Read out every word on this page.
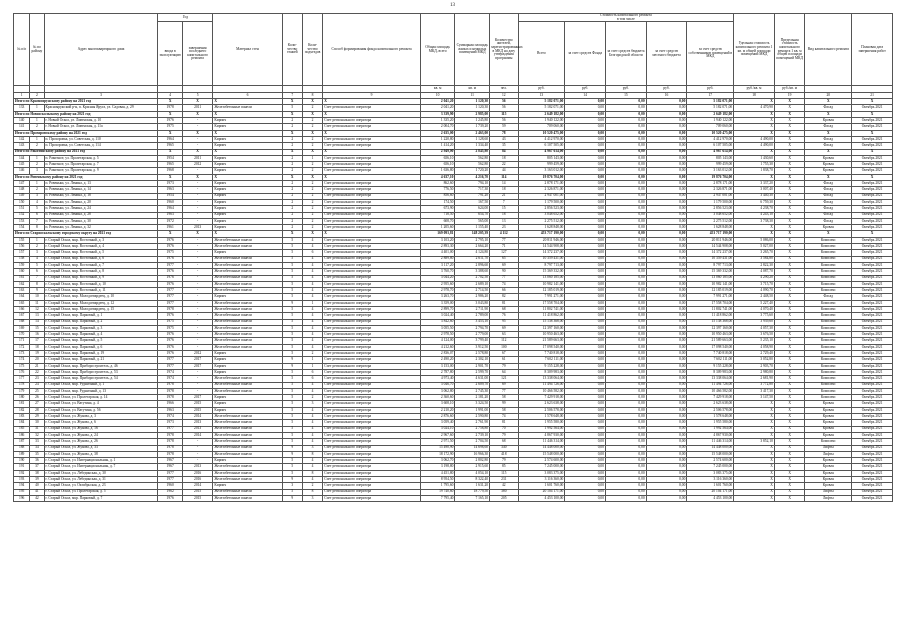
13
№ п/п	№ по району	Адрес многоквартирного дома	Год		Материал стен	Коли-чество этажей	Коли-чество подъездов	Способ формирования фонда капитального ремонта	Общая площадь МКД, всего	Суммарная площадь жилых и нежилых помещений МКД	Количество жителей, зарегистрированных в МКД на дату утверждения программы	Стоимость капитального ремонта
в том числе					Удельная стоимость капитального ремонта 1 кв. м общей площади помещений МКД	Предельная стоимость капитального ремонта 1 кв. м общей площади помещений МКД	Вид капитального ремонта	Плановая дата завершения работ
			ввода в эксплуатацию	завершения последнего капитального ремонта								Всего	за счет средств Фонда	за счет средств бюджета Белгородской области	за счет средств местного бюджета	за счет средств собственников помещений в МКД				
									кв. м	кв. м	чел.	руб.	руб.	руб.	руб.	руб.	руб./кв. м	руб./кв. м		
1	2	3	4	5	6	7	8	9	10	11	12	13	14	15	16	17	18	19	20	21
Итого по Краснояружскому району на 2021 год			X	X	X	X	X	X	2 041,20	1 120,30	56	5 182 071,00	0,00	0,00	0,00	5 182 071,00	X	X	X	X
133	1	Краснояружский р-н, п. Красная Яруга, ул. Садовая, д. 29	1978	2011	Железобетонные панели	5	2	Счет регионального оператора	2 041,20	1 120,30	56	5 182 071,00	0,00	0,00	0,00	5 182 071,00	4 470,90	X	Фасад	Октябрь 2021
Итого по Новооскольскому району на 2021 год			X	X	X	X	X	X	3 339,90	2 985,00	115	2 649 182,00	0,00	0,00	0,00	2 649 182,00	X	X	X	X
140	1	г. Новый Оскол, ул. Ливенская, д. 10	1976	-	Кирпич	2	2	Счет регионального оператора	1 335,20	1 245,80	56	1 940 122,00	0,00	0,00	0,00	1 940 122,00	X	X	Кровля	Октябрь 2021
141	2	г. Новый Оскол, ул. Ливенская, д. 11а	1975	-	Кирпич	2	2	Счет регионального оператора	2 004,70	1 739,20	59	709 060,00	0,00	0,00	0,00	709 060,00	X	X	Фасад	Октябрь 2021
Итого по Прохоровскому району на 2021 год			X	X	X	X	X	X	2 635,00	2 463,00	78	10 520 475,00	0,00	0,00	0,00	10 520 475,00	X	X	X	X
142	1	п. Прохоровка, ул. Советская, д. 110	1964	-	Кирпич	2	2	Счет регионального оператора	1 220,80	1 128,60	43	4 412 970,00	0,00	0,00	0,00	4 412 970,00	4 490,00	X	Фасад	Октябрь 2021
143	2	п. Прохоровка, ул. Советская, д. 114	1965	-	Кирпич	2	2	Счет регионального оператора	1 414,20	1 334,40	35	6 107 505,00	0,00	0,00	0,00	6 107 505,00	4 490,00	X	Фасад	Октябрь 2021
Итого по Ракитянскому району на 2021 год			X	X	X	X	X	X	2 949,00	2 845,80	84	4 967 614,00	0,00	0,00	0,00	4 967 614,00	X	X	X	X
144	1	п. Ракитное, ул. Пролетарская, д. 5	1954	2011	Кирпич	2	1	Счет регионального оператора	656,10	562,80	18	805 143,00	0,00	0,00	0,00	805 143,00	1 430,60	X	Кровля	Октябрь 2021
145	2	п. Ракитное, ул. Пролетарская, д. 7	1965	2012	Кирпич	2	2	Счет регионального оператора	656,10	562,80	22	999 459,00	0,00	0,00	0,00	999 459,00	1 755,30	X	Кровля	Октябрь 2021
146	3	п. Ракитное, ул. Пролетарская, д. 9	1968	-	Кирпич	2	2	Счет регионального оператора	1 636,80	1 720,20	44	3 163 012,00	0,00	0,00	0,00	3 163 012,00	1 838,70	X	Кровля	Октябрь 2021
Итого по Ровеньскому району на 2021 год			X	X	X	X	X	X	4 637,10	4 216,70	114	19 876 704,00	0,00	0,00	0,00	19 876 704,00	X	X	X	X
147	1	п. Ровеньки, ул. Ленина, д. 13	1973	-	Кирпич	2	2	Счет регионального оператора	862,60	794,10	14	2 878 171,00	0,00	0,00	0,00	2 878 171,00	3 337,20	X	Фасад	Октябрь 2021
148	2	п. Ровеньки, ул. Ленина, д. 14	1963	-	Кирпич	2	2	Счет регионального оператора	776,50	717,30	18	2 326 871,00	0,00	0,00	0,00	2 326 871,00	3 007,40	X	Фасад	Октябрь 2021
149	3	п. Ровеньки, ул. Ленина, д. 18	1954	-	Кирпич	2	2	Счет регионального оператора	856,60	791,20	21	2 947 001,00	0,00	0,00	0,00	2 947 001,00	3 440,30	X	Фасад	Октябрь 2021
150	4	п. Ровеньки, ул. Ленина, д. 20	1960	-	Кирпич	2	2	Счет регионального оператора	174,50	167,50	7	1 179 500,00	0,00	0,00	0,00	1 179 500,00	6 759,30	X	Фасад	Октябрь 2021
151	5	п. Ровеньки, ул. Ленина, д. 24	1964	-	Кирпич	2	2	Счет регионального оператора	673,90	624,00	15	2 856 523,00	0,00	0,00	0,00	2 856 523,00	4 238,70	X	Фасад	Октябрь 2021
152	6	п. Ровеньки, ул. Ленина, д. 28	1963	-	Кирпич	2	2	Счет регионального оператора	718,50	654,70	18	3 048 652,00	0,00	0,00	0,00	3 048 652,00	4 243,10	X	Фасад	Октябрь 2021
153	7	п. Ровеньки, ул. Ленина, д. 30	1972	-	Кирпич	2	2	Счет регионального оператора	608,70	565,00	13	2 275 512,00	0,00	0,00	0,00	2 275 512,00	3 738,30	X	Фасад	Октябрь 2021
154	8	п. Ровеньки, ул. Ленина, д. 32	1961	2013	Кирпич	2	2	Счет регионального оператора	1 205,60	1 155,40	23	1 628 848,00	0,00	0,00	0,00	1 628 848,00	X	X	Кровля	Октябрь 2021
Итого по Старооскольскому городскому округу на 2021 год			X	X	X	X	X	X	169 093,81	148 205,39	4 112	453 717 190,00	0,00	0,00	0,00	453 717 190,00	X	X	X	X
155	1	г. Старый Оскол, мкр. Восточный, д. 3	1976	-	Железобетонные панели	5	4	Счет регионального оператора	3 103,20	2 795,10	77	20 811 946,00	0,00	0,00	0,00	20 811 946,00	5 086,00	X	Комплекс	Октябрь 2021
156	2	г. Старый Оскол, мкр. Восточный, д. 4	1976	-	Железобетонные панели	5	4	Счет регионального оператора	2 893,30	2 664,20	71	14 544 908,00	0,00	0,00	0,00	14 544 908,00	5 027,00	X	Комплекс	Октябрь 2021
157	3	г. Старый Оскол, мкр. Восточный, д. 5	1975	-	Кирпич	5	6	Счет регионального оператора	4 401,00	4 124,80	127	14 372 237,00	0,00	0,00	0,00	14 372 237,00	3 265,70	X	Комплекс	Октябрь 2021
158	4	г. Старый Оскол, мкр. Восточный, д. 6	1976	-	Железобетонные панели	5	4	Счет регионального оператора	2 889,80	2 611,70	65	10 359 431,00	0,00	0,00	0,00	10 359 431,00	3 584,80	X	Комплекс	Октябрь 2021
159	5	г. Старый Оскол, мкр. Восточный, д. 7	1977	-	Железобетонные панели	5	4	Счет регионального оператора	3 117,20	2 896,60	69	8 797 713,00	0,00	0,00	0,00	8 797 713,00	2 822,30	X	Комплекс	Октябрь 2021
160	6	г. Старый Оскол, мкр. Восточный, д. 8	1976	-	Железобетонные панели	5	4	Счет регионального оператора	3 760,70	3 388,60	90	15 369 332,00	0,00	0,00	0,00	15 369 332,00	4 087,70	X	Комплекс	Октябрь 2021
161	7	г. Старый Оскол, мкр. Восточный, д. 9	1976	-	Железобетонные панели	5	4	Счет регионального оператора	3 044,20	2 702,50	77	13 060 185,00	0,00	0,00	0,00	13 060 185,00	4 290,20	X	Комплекс	Октябрь 2021
162	8	г. Старый Оскол, мкр. Восточный, д. 10	1976	-	Железобетонные панели	5	4	Счет регионального оператора	2 955,60	2 689,10	74	10 982 141,00	0,00	0,00	0,00	10 982 141,00	3 715,70	X	Комплекс	Октябрь 2021
163	9	г. Старый Оскол, мкр. Восточный, д. 11	1977	-	Железобетонные панели	5	4	Счет регионального оператора	2 978,70	2 714,50	66	12 185 019,00	0,00	0,00	0,00	12 185 019,00	4 090,70	X	Комплекс	Октябрь 2021
164	10	г. Старый Оскол, мкр. Молодогвардеец, д. 10	1977	-	Кирпич	5	4	Счет регионального оператора	3 263,70	2 986,20	82	7 991 271,00	0,00	0,00	0,00	7 991 271,00	2 448,50	X	Фасад	Октябрь 2021
165	11	г. Старый Оскол, мкр. Молодогвардеец, д. 12	1977	-	Железобетонные панели	9	1	Счет регионального оператора	3 359,00	3 043,80	81	17 558 704,00	0,00	0,00	0,00	17 558 704,00	5 227,40	X	Комплекс	Октябрь 2021
166	12	г. Старый Оскол, мкр. Молодогвардеец, д. 15	1978	-	Железобетонные панели	5	4	Счет регионального оператора	2 899,70	2 711,90	68	11 802 741,00	0,00	0,00	0,00	11 802 741,00	4 070,40	X	Комплекс	Октябрь 2021
167	13	г. Старый Оскол, мкр. Парковый, д. 1	1976	-	Железобетонные панели	5	4	Счет регионального оператора	3 024,40	2 789,00	76	11 418 862,00	0,00	0,00	0,00	11 418 862,00	3 775,60	X	Комплекс	Октябрь 2021
168	14	г. Старый Оскол, мкр. Парковый, д. 2	1975	-	Железобетонные панели	5	4	Счет регионального оператора	3 842,60	3 453,10	95	15 138 368,00	0,00	0,00	0,00	15 138 368,00	3 939,60	X	Комплекс	Октябрь 2021
169	15	г. Старый Оскол, мкр. Парковый, д. 3	1975	-	Железобетонные панели	5	4	Счет регионального оператора	3 055,50	2 794,70	69	12 397 160,00	0,00	0,00	0,00	12 397 160,00	4 057,30	X	Комплекс	Октябрь 2021
170	16	г. Старый Оскол, мкр. Парковый, д. 4	1976	-	Железобетонные панели	5	4	Счет регионального оператора	2 978,50	2 779,00	63	10 950 463,00	0,00	0,00	0,00	10 950 463,00	3 676,50	X	Комплекс	Октябрь 2021
171	17	г. Старый Оскол, мкр. Парковый, д. 5	1976	-	Железобетонные панели	5	4	Счет регионального оператора	4 124,00	3 799,40	112	21 589 663,00	0,00	0,00	0,00	21 589 663,00	5 235,10	X	Комплекс	Октябрь 2021
172	18	г. Старый Оскол, мкр. Парковый, д. 6	1976	-	Железобетонные панели	5	4	Счет регионального оператора	4 212,60	3 912,50	100	17 098 540,00	0,00	0,00	0,00	17 098 540,00	4 058,90	X	Комплекс	Октябрь 2021
173	19	г. Старый Оскол, мкр. Парковый, д. 19	1976	2012	Кирпич	5	2	Счет регионального оператора	2 836,07	2 578,80	67	7 740 818,00	0,00	0,00	0,00	7 740 818,00	2 729,40	X	Комплекс	Октябрь 2021
174	20	г. Старый Оскол, мкр. Парковый, д. 21	1977	2017	Кирпич	9	1	Счет регионального оператора	2 490,20	2 302,10	61	7 602 111,00	0,00	0,00	0,00	7 602 111,00	3 052,80	X	Комплекс	Октябрь 2021
175	21	г. Старый Оскол, мкр. Приборостроитель, д. 46	1977	2017	Кирпич	9	1	Счет регионального оператора	3 153,00	2 901,70	79	9 155 228,00	0,00	0,00	0,00	9 155 228,00	2 903,70	X	Комплекс	Октябрь 2021
176	22	г. Старый Оскол, мкр. Приборостроитель, д. 53	1974	-	Кирпич	5	6	Счет регионального оператора	2 787,80	2 599,70	64	8 309 983,00	0,00	0,00	0,00	8 309 983,00	2 980,80	X	Комплекс	Октябрь 2021
177	23	г. Старый Оскол, мкр. Приборостроитель, д. 54	1974	-	Железобетонные панели	5	6	Счет регионального оператора	4 973,40	4 631,00	121	13 338 064,00	0,00	0,00	0,00	13 338 064,00	2 681,90	X	Комплекс	Октябрь 2021
178	24	г. Старый Оскол, мкр. Рудничный, д. 1	1978	-	Железобетонные панели	5	4	Счет регионального оператора	3 046,70	2 609,70	69	11 494 726,00	0,00	0,00	0,00	11 494 726,00	3 772,80	X	Комплекс	Октябрь 2021
179	25	г. Старый Оскол, мкр. Рудничный, д. 13	1978	-	Железобетонные панели	5	4	Счет регионального оператора	3 062,80	2 745,30	77	10 466 582,00	0,00	0,00	0,00	10 466 582,00	3 417,30	X	Комплекс	Октябрь 2021
180	26	г. Старый Оскол, ул. Пролетарская, д. 14	1978	2017	Кирпич	5	2	Счет регионального оператора	2 360,60	2 181,20	58	7 429 918,00	0,00	0,00	0,00	7 429 918,00	3 147,50	X	Комплекс	Октябрь 2021
181	27	г. Старый Оскол, ул. Ватутина, д. 4	1966	2015	Кирпич	5	3	Счет регионального оператора	3 608,10	3 324,50	99	2 623 638,00	0,00	0,00	0,00	2 623 638,00	X	X	Кровля	Октябрь 2021
182	28	г. Старый Оскол, ул. Ватутина, д. 56	1963	2015	Кирпич	5	4	Счет регионального оператора	2 210,20	1 991,00	58	2 506 578,00	0,00	0,00	0,00	2 506 578,00	X	X	Кровля	Октябрь 2021
183	29	г. Старый Оскол, ул. Жукова, д. 3	1974	2014	Железобетонные панели	5	4	Счет регионального оператора	2 876,60	2 590,80	74	1 578 648,00	0,00	0,00	0,00	1 578 648,00	X	X	Кровля	Октябрь 2021
184	30	г. Старый Оскол, ул. Жукова, д. 6	1973	2013	Железобетонные панели	5	4	Счет регионального оператора	3 059,40	2 761,90	81	1 955 580,00	0,00	0,00	0,00	1 955 580,00	X	X	Кровля	Октябрь 2021
185	31	г. Старый Оскол, ул. Жукова, д. 16	1977	2013	Железобетонные панели	5	4	Счет регионального оператора	3 024,10	2 758,80	70	1 992 564,00	0,00	0,00	0,00	1 992 564,00	X	X	Кровля	Октябрь 2021
186	32	г. Старый Оскол, ул. Жукова, д. 24	1978	2014	Железобетонные панели	5	4	Счет регионального оператора	2 967,60	2 739,10	79	4 867 930,00	0,00	0,00	0,00	4 867 930,00	X	X	Кровля	Октябрь 2021
187	33	г. Старый Оскол, ул. Жукова, д. 26	1978	-	Железобетонные панели	5	4	Счет регионального оператора	2 971,50	2 704,50	68	11 446 314,00	0,00	0,00	0,00	11 446 314,00	3 852,10	X	Комплекс	Октябрь 2021
188	34	г. Старый Оскол, ул. Жукова, д. 33	1978	-	Железобетонные панели	9	3	Счет регионального оператора	15 490,90	14 698,60	340	14 448 000,00	0,00	0,00	0,00	14 448 000,00	X	X	Лифты	Октябрь 2021
189	35	г. Старый Оскол, ул. Жукова, д. 38	1978	-	Железобетонные панели	9	8	Счет регионального оператора	18 172,90	16 966,30	418	15 548 000,00	0,00	0,00	0,00	15 548 000,00	X	X	Лифты	Октябрь 2021
190	36	г. Старый Оскол, ул. Интернациональная, д. 1	1967	-	Кирпич	5	4	Счет регионального оператора	3 062,70	2 802,80	79	2 574 600,00	0,00	0,00	0,00	2 574 600,00	X	X	Кровля	Октябрь 2021
191	37	г. Старый Оскол, ул. Интернациональная, д. 7	1967	2013	Железобетонные панели	5	4	Счет регионального оператора	3 198,80	2 915,60	85	7 245 000,00	0,00	0,00	0,00	7 245 000,00	X	X	Кровля	Октябрь 2021
192	38	г. Старый Оскол, ул. Лебединская, д. 30	1977	2016	Железобетонные панели	5	8	Счет регионального оператора	4 451,80	4 054,10	115	3 083 375,00	0,00	0,00	0,00	3 083 375,00	X	X	Кровля	Октябрь 2021
193	39	г. Старый Оскол, ул. Лебединская, д. 31	1977	2016	Железобетонные панели	9	4	Счет регионального оператора	8 954,50	8 322,40	231	3 116 360,00	0,00	0,00	0,00	3 116 360,00	X	X	Кровля	Октябрь 2021
194	40	г. Старый Оскол, ул. Октябрьская, д. 23	1960	2014	Кирпич	3	2	Счет регионального оператора	1 795,60	1 631,20	42	1 601 760,00	0,00	0,00	0,00	1 601 760,00	X	X	Кровля	Октябрь 2021
195	41	г. Старый Оскол, ул. Пролетарская, д. 5	1962	2015	Железобетонные панели	5	8	Счет регионального оператора	19 740,60	18 779,50	380	20 104 171,00	0,00	0,00	0,00	20 104 171,00	X	X	Лифты	Октябрь 2021
196	42	г. Старый Оскол, мкр. Парковый, д. 7	1976	2015	Железобетонные панели	9	3	Счет регионального оператора	7 795,40	7 165,10	205	4 453 100,00	0,00	0,00	0,00	4 453 100,00	X	X	Лифты	Октябрь 2021
